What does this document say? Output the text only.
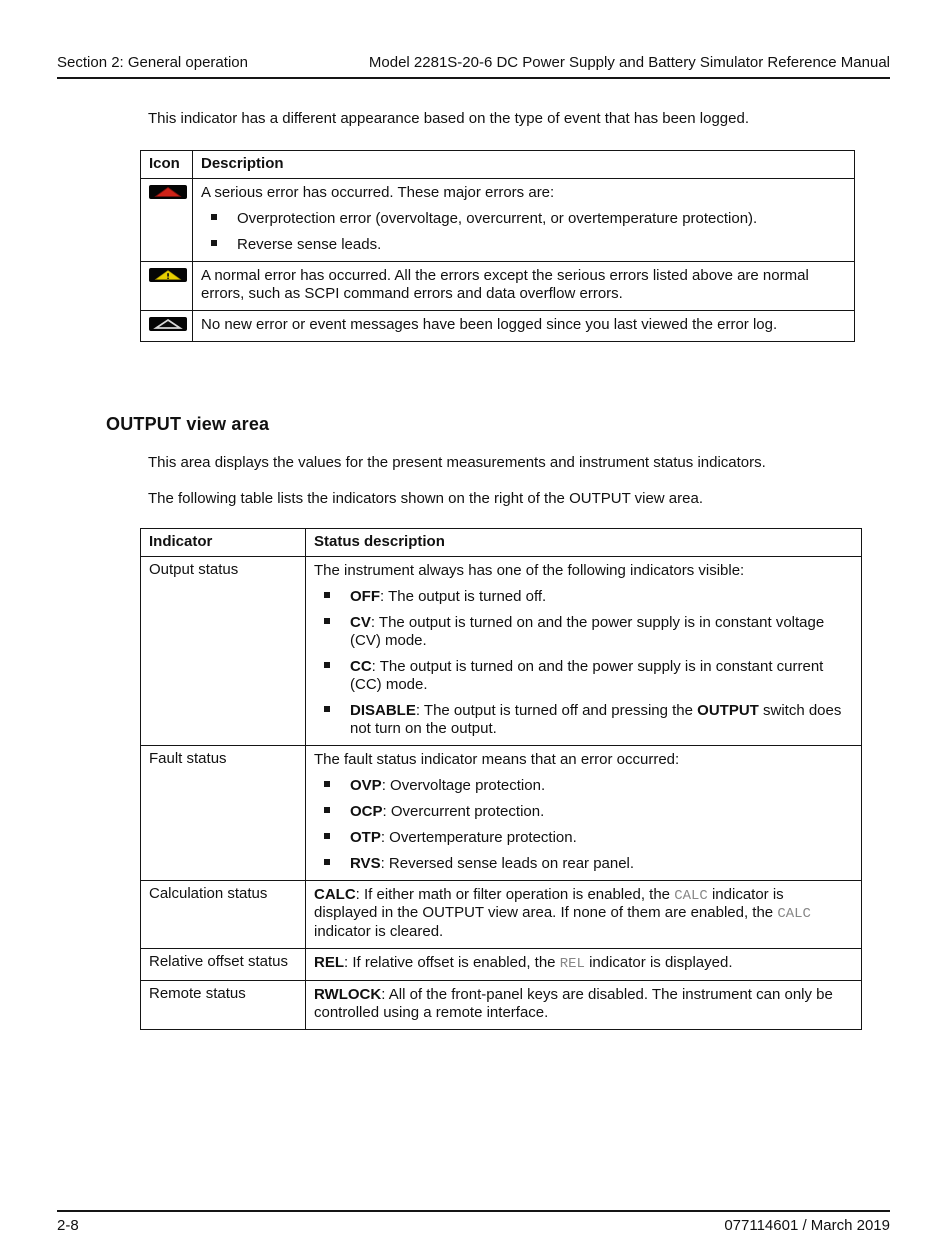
Section 2: General operation	Model 2281S-20-6 DC Power Supply and Battery Simulator Reference Manual

This indicator has a different appearance based on the type of event that has been logged.

Icon	Description

A serious error has occurred. These major errors are:
Overprotection error (overvoltage, overcurrent, or overtemperature protection).
Reverse sense leads.

A normal error has occurred. All the errors except the serious errors listed above are normal errors, such as SCPI command errors and data overflow errors.

No new error or event messages have been logged since you last viewed the error log.
OUTPUT view area

This area displays the values for the present measurements and instrument status indicators.

The following table lists the indicators shown on the right of the OUTPUT view area.

Indicator	Status description
Output status	The instrument always has one of the following indicators visible:
OFF: The output is turned off.
CV: The output is turned on and the power supply is in constant voltage (CV) mode.
CC: The output is turned on and the power supply is in constant current (CC) mode.
DISABLE: The output is turned off and pressing the OUTPUT switch does not turn on the output.

Fault status	The fault status indicator means that an error occurred:
OVP: Overvoltage protection.
OCP: Overcurrent protection.
OTP: Overtemperature protection.
RVS: Reversed sense leads on rear panel.

Calculation status	CALC: If either math or filter operation is enabled, the CALC indicator is displayed in the OUTPUT view area. If none of them are enabled, the CALC indicator is cleared.

Relative offset status	REL: If relative offset is enabled, the REL indicator is displayed.

Remote status	RWLOCK: All of the front-panel keys are disabled. The instrument can only be controlled using a remote interface.
2-8	077114601 / March 2019
